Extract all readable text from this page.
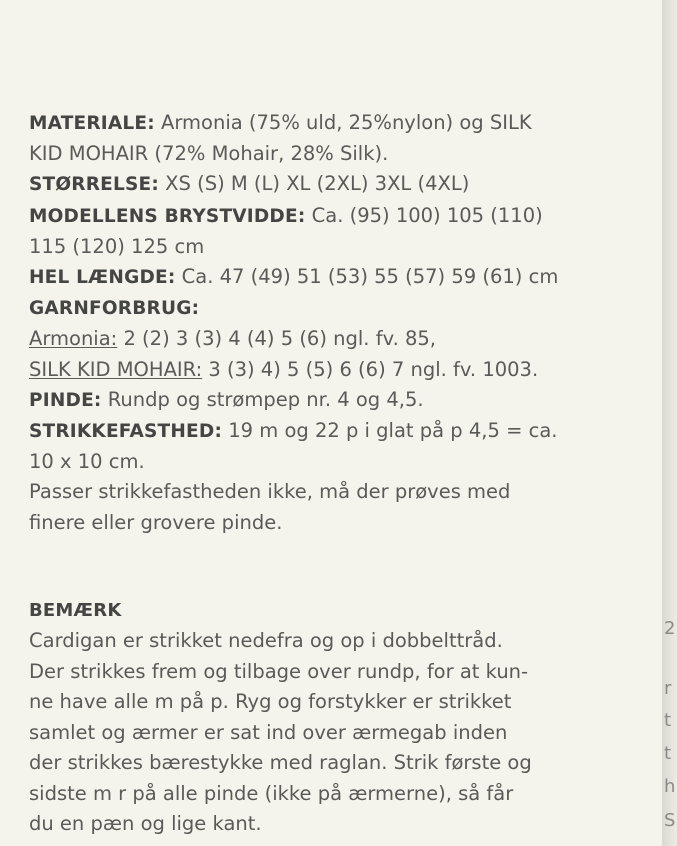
MATERIALE: Armonia (75% uld, 25%nylon) og SILK
KID MOHAIR (72% Mohair, 28% Silk).
STØRRELSE: XS (S) M (L) XL (2XL) 3XL (4XL)
MODELLENS BRYSTVIDDE: Ca. (95) 100) 105 (110)
115 (120) 125 cm
HEL LÆNGDE: Ca. 47 (49) 51 (53) 55 (57) 59 (61) cm
GARNFORBRUG:
Armonia: 2 (2) 3 (3) 4 (4) 5 (6) ngl. fv. 85,
SILK KID MOHAIR: 3 (3) 4) 5 (5) 6 (6) 7 ngl. fv. 1003.
PINDE: Rundp og strømpep nr. 4 og 4,5.
STRIKKEFASTHED: 19 m og 22 p i glat på p 4,5 = ca.
10 x 10 cm.
Passer strikkefastheden ikke, må der prøves med
finere eller grovere pinde.
BEMÆRK
Cardigan er strikket nedefra og op i dobbelttråd.
Der strikkes frem og tilbage over rundp, for at kun-
ne have alle m på p. Ryg og forstykker er strikket
samlet og ærmer er sat ind over ærmegab inden
der strikkes bærestykke med raglan. Strik første og
sidste m r på alle pinde (ikke på ærmerne), så får
du en pæn og lige kant.
2
r
t
t
h
S
